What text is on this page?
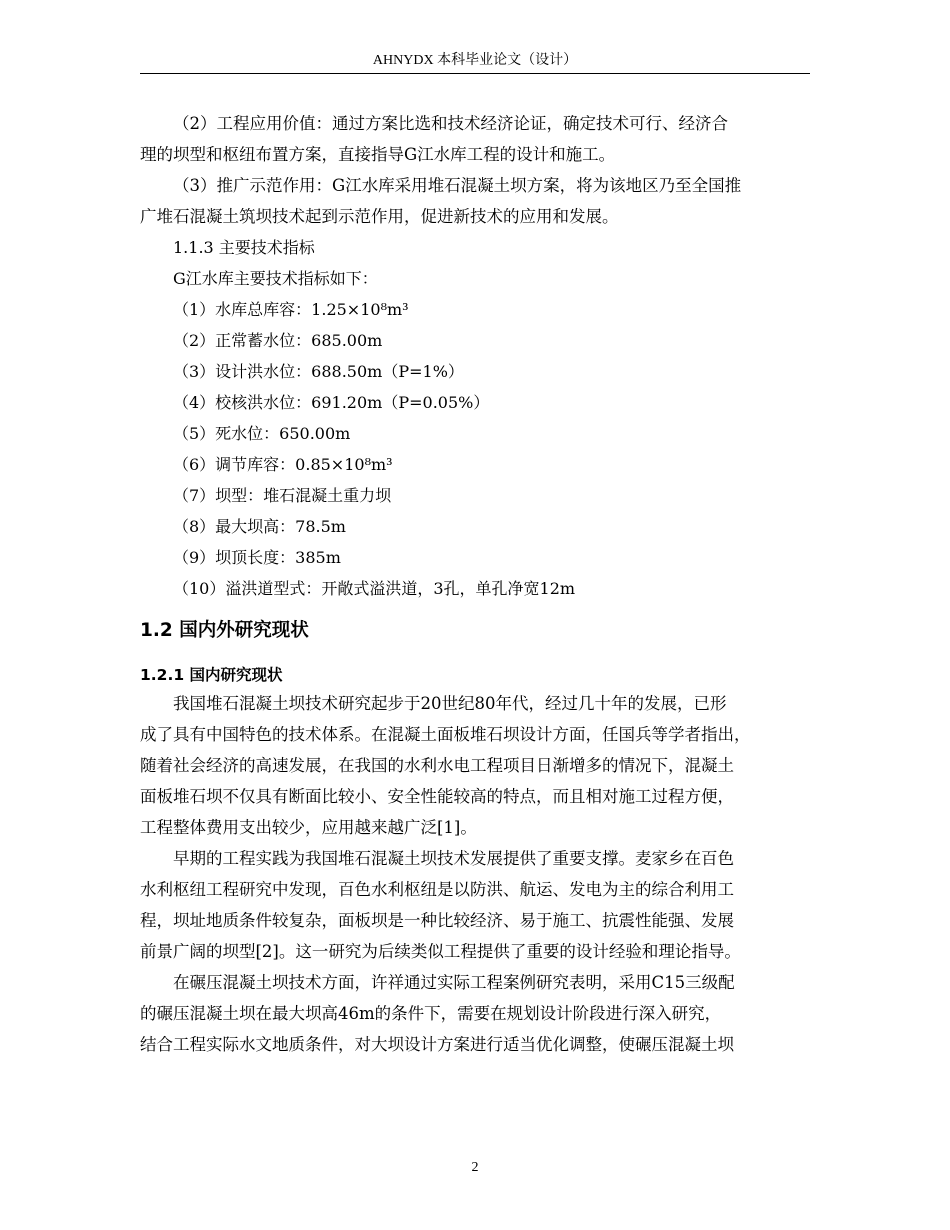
AHNYDX 本科毕业论文（设计）

（2）工程应用价值：通过方案比选和技术经济论证，确定技术可行、经济合
理的坝型和枢纽布置方案，直接指导G江水库工程的设计和施工。

（3）推广示范作用：G江水库采用堆石混凝土坝方案，将为该地区乃至全国推
广堆石混凝土筑坝技术起到示范作用，促进新技术的应用和发展。

1.1.3 主要技术指标

G江水库主要技术指标如下：

（1）水库总库容：1.25×10⁸m³

（2）正常蓄水位：685.00m

（3）设计洪水位：688.50m（P=1%）

（4）校核洪水位：691.20m（P=0.05%）

（5）死水位：650.00m

（6）调节库容：0.85×10⁸m³

（7）坝型：堆石混凝土重力坝

（8）最大坝高：78.5m

（9）坝顶长度：385m

（10）溢洪道型式：开敞式溢洪道，3孔，单孔净宽12m

1.2 国内外研究现状
1.2.1 国内研究现状

我国堆石混凝土坝技术研究起步于20世纪80年代，经过几十年的发展，已形
成了具有中国特色的技术体系。在混凝土面板堆石坝设计方面，任国兵等学者指出，
随着社会经济的高速发展，在我国的水利水电工程项目日渐增多的情况下，混凝土
面板堆石坝不仅具有断面比较小、安全性能较高的特点，而且相对施工过程方便，
工程整体费用支出较少，应用越来越广泛[1]。

早期的工程实践为我国堆石混凝土坝技术发展提供了重要支撑。麦家乡在百色
水利枢纽工程研究中发现，百色水利枢纽是以防洪、航运、发电为主的综合利用工
程，坝址地质条件较复杂，面板坝是一种比较经济、易于施工、抗震性能强、发展
前景广阔的坝型[2]。这一研究为后续类似工程提供了重要的设计经验和理论指导。

在碾压混凝土坝技术方面，许祥通过实际工程案例研究表明，采用C15三级配
的碾压混凝土坝在最大坝高46m的条件下，需要在规划设计阶段进行深入研究，
结合工程实际水文地质条件，对大坝设计方案进行适当优化调整，使碾压混凝土坝

2
